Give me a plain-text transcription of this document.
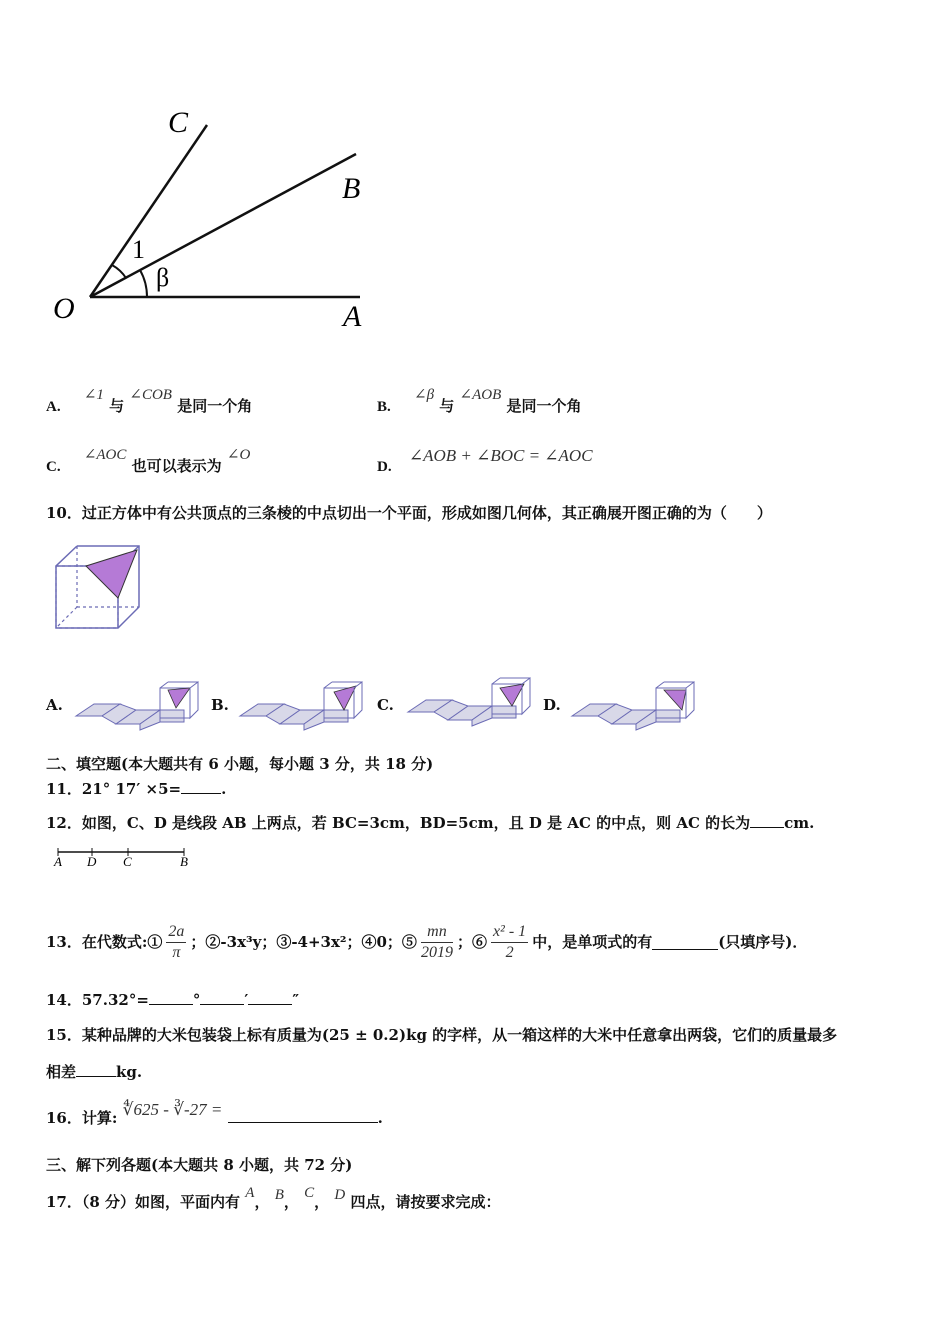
C
B
O	A
1
β
A. ∠1 与 ∠COB 是同一个角	B. ∠β 与 ∠AOB 是同一个角
C. ∠AOC 也可以表示为 ∠O
D. ∠AOB + ∠BOC = ∠AOC
10．过正方体中有公共顶点的三条棱的中点切出一个平面，形成如图几何体，其正确展开图正确的为（　　）
A.	B.	C.	D.
二、填空题(本大题共有 6 小题，每小题 3 分，共 18 分)
11．21° 17′ ×5=	.
12．如图，C、D 是线段 AB 上两点，若 BC=3cm，BD=5cm，且 D 是 AC 的中点，则 AC 的长为 cm.
A D C	B
13．在代数式:① $\frac{2a}{\pi}$ ；②-3x³y；③-4+3x²；④0；⑤ $\frac{mn}{2019}$ ；⑥ $\frac{\text{x² - 1}}{2}$ 中，是单项式的有	(只填序号)．
14．57.32°=	°	′	″
15．某种品牌的大米包装袋上标有质量为(25 ± 0.2)kg 的字样，从一箱这样的大米中任意拿出两袋，它们的质量最多
相差	kg.
16．计算: ∜625 - ∛-27 =	.
三、解下列各题(本大题共 8 小题，共 72 分)
17．（8 分）如图，平面内有 A， B， C， D 四点，请按要求完成：
